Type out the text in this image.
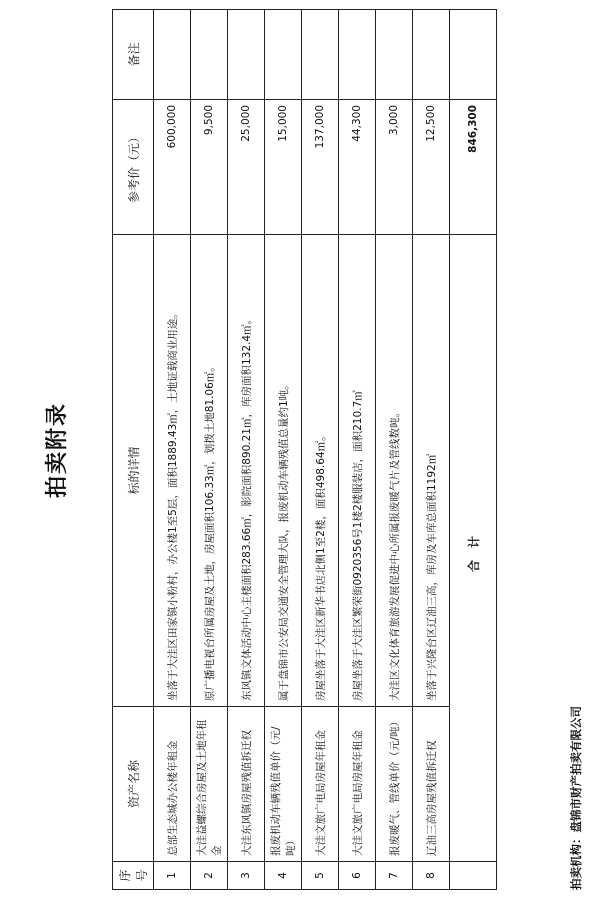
拍卖附录
序号	资产名称	标的详情	参考价（元）	备注
1	总部生态城办公楼年租金	坐落于大洼区田家镇小粉村，办公楼1至5层，面积1889.43㎡，土地证载商业用途。	600,000	
2	大洼益螺综合房屋及土地年租金	原广播电视台所属房屋及土地，房屋面积106.33㎡，划拨土地81.06㎡。	9,500	
3	大洼东风镇房屋残值拆迁权	东风镇文体活动中心主楼面积283.66㎡，影院面积890.21㎡，库房面积132.4㎡。	25,000	
4	报废机动车辆残值单价（元/吨）	属于盘锦市公安局交通安全管理大队，报废机动车辆残值总量约1吨。	15,000	
5	大洼文旅广电局房屋年租金	房屋坐落于大洼区新华书店北侧1至2楼，面积498.64㎡。	137,000	
6	大洼文旅广电局房屋年租金	房屋坐落于大洼区繁荣街0920356号1楼2楼服装店，面积210.7㎡	44,300	
7	报废暖气、管线单价（元/吨）	大洼区文化体育旅游发展促进中心所属报废暖气片及管线数吨。	3,000	
8	辽油三高房屋残值拆迁权	坐落于兴隆台区辽油三高，库房及车库总面积1192㎡	12,500	
	合计		846,300	
拍卖机构：盘锦市财产拍卖有限公司
